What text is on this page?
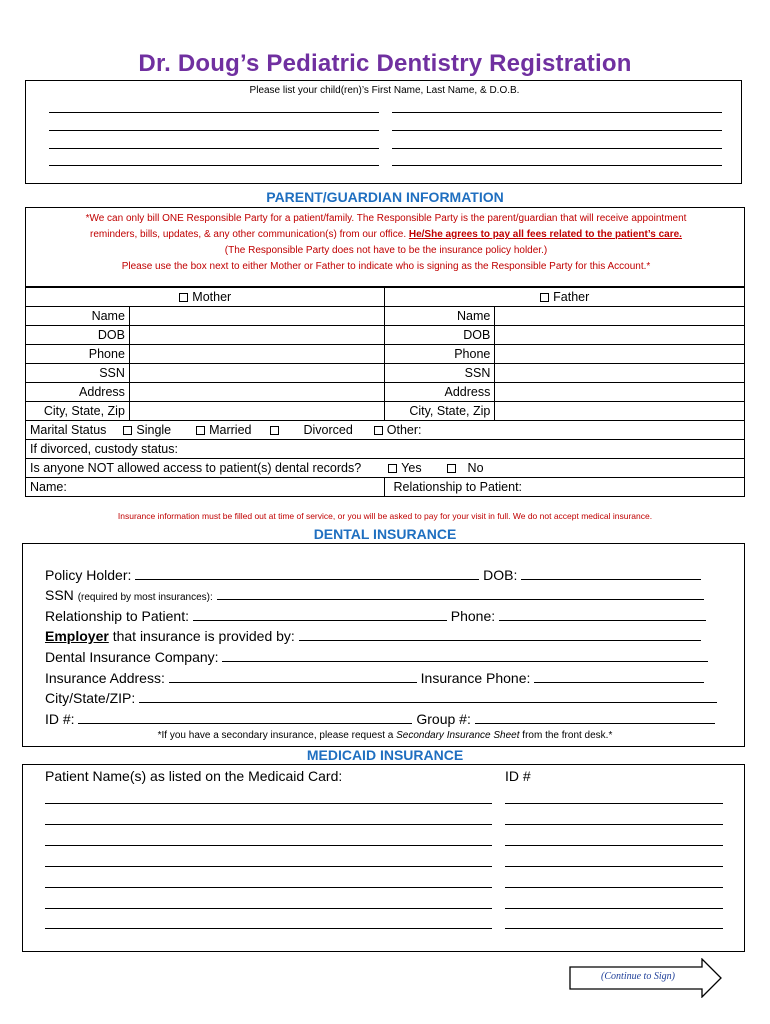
Dr. Doug’s Pediatric Dentistry Registration
Please list your child(ren)’s First Name, Last Name, & D.O.B.
PARENT/GUARDIAN INFORMATION
*We can only bill ONE Responsible Party for a patient/family. The Responsible Party is the parent/guardian that will receive appointment
reminders, bills, updates, & any other communication(s) from our office. He/She agrees to pay all fees related to the patient’s care.
(The Responsible Party does not have to be the insurance policy holder.)
Please use the box next to either Mother or Father to indicate who is signing as the Responsible Party for this Account.*
Mother		Father	
Name		Name	
DOB		DOB	
Phone		Phone	
SSN		SSN	
Address		Address	
City, State, Zip		City, State, Zip	
Marital Status Single Married Divorced Other:			
If divorced, custody status:			
Is anyone NOT allowed access to patient(s) dental records? Yes No			
Name:		Relationship to Patient:	
Insurance information must be filled out at time of service, or you will be asked to pay for your visit in full. We do not accept medical insurance.
DENTAL INSURANCE
Policy Holder:	DOB:
SSN (required by most insurances):
Relationship to Patient:	Phone:
Employer that insurance is provided by:
Dental Insurance Company:
Insurance Address:	Insurance Phone:
City/State/ZIP:
ID #:	Group #:
*If you have a secondary insurance, please request a Secondary Insurance Sheet from the front desk.*
MEDICAID INSURANCE
Patient Name(s) as listed on the Medicaid Card:	ID #
(Continue to Sign)
